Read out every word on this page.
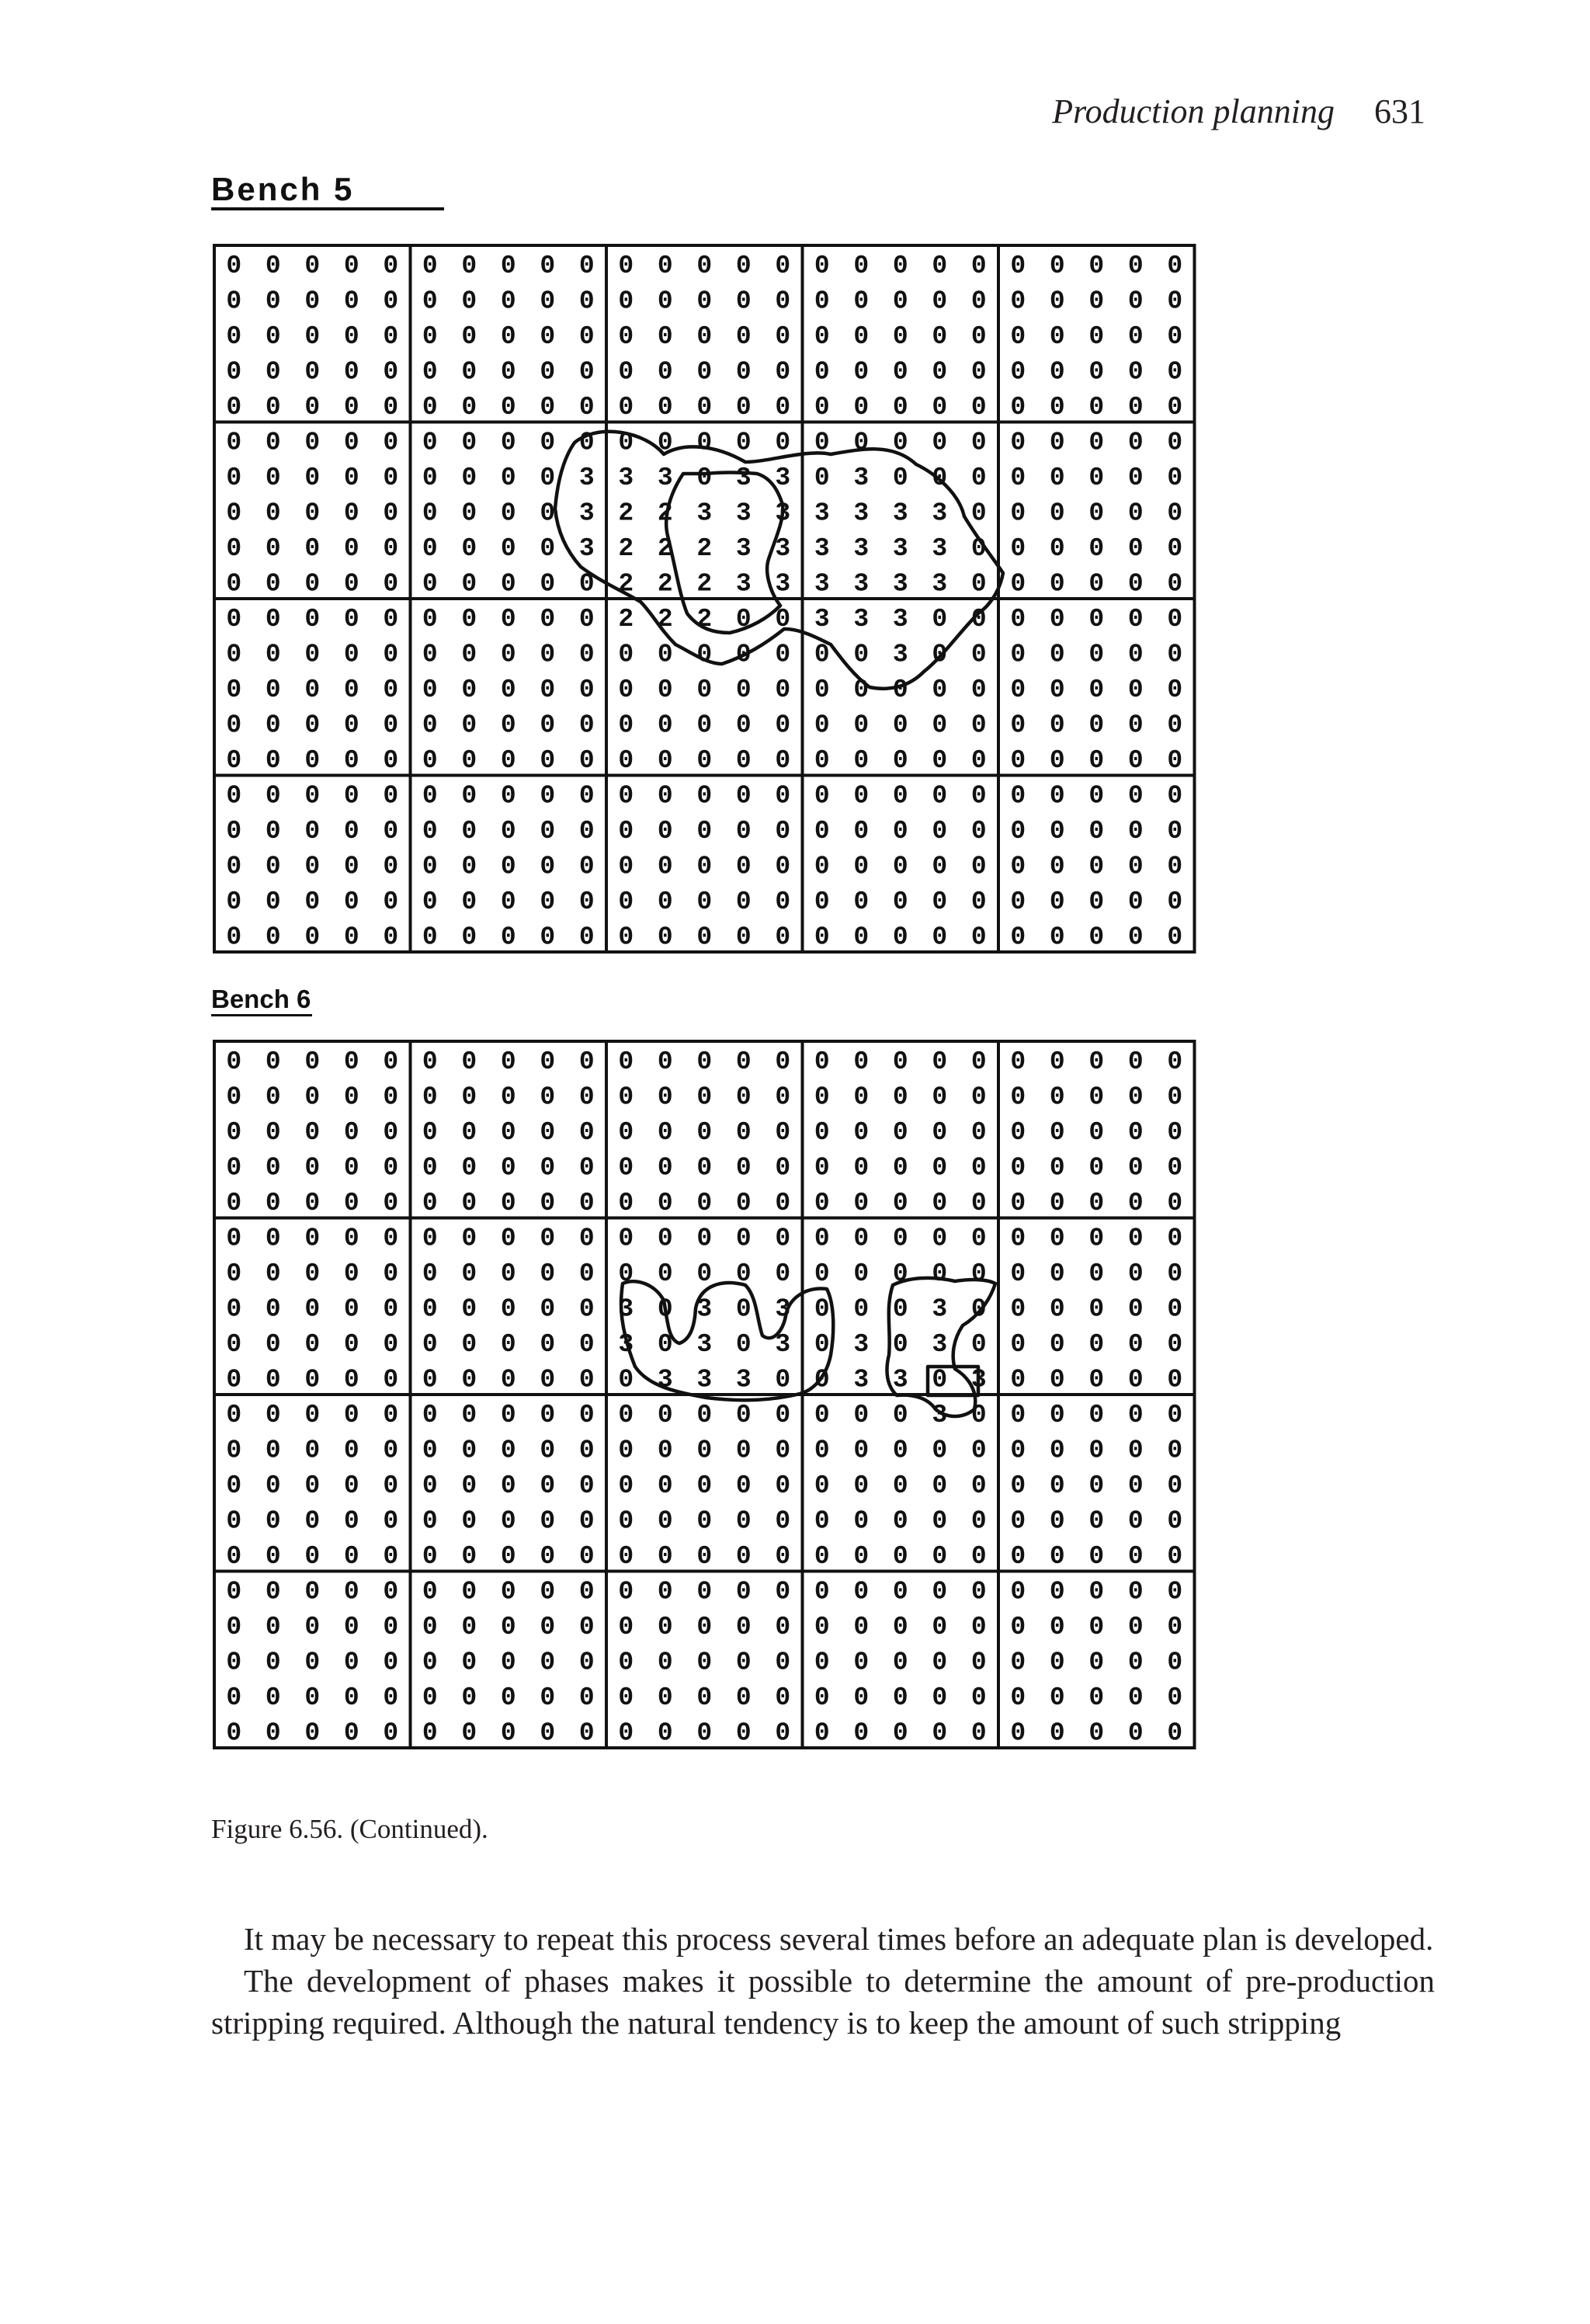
Production planning 631
Bench 5
0 0 0 0 0 0 0 0 0 0 0 0 0 0 0 0 0 0 0 0 0 0 0 0 0
0 0 0 0 0 0 0 0 0 0 0 0 0 0 0 0 0 0 0 0 0 0 0 0 0
0 0 0 0 0 0 0 0 0 0 0 0 0 0 0 0 0 0 0 0 0 0 0 0 0
0 0 0 0 0 0 0 0 0 0 0 0 0 0 0 0 0 0 0 0 0 0 0 0 0
0 0 0 0 0 0 0 0 0 0 0 0 0 0 0 0 0 0 0 0 0 0 0 0 0
0 0 0 0 0 0 0 0 0 0 0 0 0 0 0 0 0 0 0 0 0 0 0 0 0
0 0 0 0 0 0 0 0 0 3 3 3 0 3 3 0 3 0 0 0 0 0 0 0 0
0 0 0 0 0 0 0 0 0 3 2 2 3 3 3 3 3 3 3 0 0 0 0 0 0
0 0 0 0 0 0 0 0 0 3 2 2 2 3 3 3 3 3 3 0 0 0 0 0 0
0 0 0 0 0 0 0 0 0 0 2 2 2 3 3 3 3 3 3 0 0 0 0 0 0
0 0 0 0 0 0 0 0 0 0 2 2 2 0 0 3 3 3 0 0 0 0 0 0 0
0 0 0 0 0 0 0 0 0 0 0 0 0 0 0 0 0 3 0 0 0 0 0 0 0
0 0 0 0 0 0 0 0 0 0 0 0 0 0 0 0 0 0 0 0 0 0 0 0 0
0 0 0 0 0 0 0 0 0 0 0 0 0 0 0 0 0 0 0 0 0 0 0 0 0
0 0 0 0 0 0 0 0 0 0 0 0 0 0 0 0 0 0 0 0 0 0 0 0 0
0 0 0 0 0 0 0 0 0 0 0 0 0 0 0 0 0 0 0 0 0 0 0 0 0
0 0 0 0 0 0 0 0 0 0 0 0 0 0 0 0 0 0 0 0 0 0 0 0 0
0 0 0 0 0 0 0 0 0 0 0 0 0 0 0 0 0 0 0 0 0 0 0 0 0
0 0 0 0 0 0 0 0 0 0 0 0 0 0 0 0 0 0 0 0 0 0 0 0 0
0 0 0 0 0 0 0 0 0 0 0 0 0 0 0 0 0 0 0 0 0 0 0 0 0
Bench 6
0 0 0 0 0 0 0 0 0 0 0 0 0 0 0 0 0 0 0 0 0 0 0 0 0
0 0 0 0 0 0 0 0 0 0 0 0 0 0 0 0 0 0 0 0 0 0 0 0 0
0 0 0 0 0 0 0 0 0 0 0 0 0 0 0 0 0 0 0 0 0 0 0 0 0
0 0 0 0 0 0 0 0 0 0 0 0 0 0 0 0 0 0 0 0 0 0 0 0 0
0 0 0 0 0 0 0 0 0 0 0 0 0 0 0 0 0 0 0 0 0 0 0 0 0
0 0 0 0 0 0 0 0 0 0 0 0 0 0 0 0 0 0 0 0 0 0 0 0 0
0 0 0 0 0 0 0 0 0 0 0 0 0 0 0 0 0 0 0 0 0 0 0 0 0
0 0 0 0 0 0 0 0 0 0 3 0 3 0 3 0 0 0 3 0 0 0 0 0 0
0 0 0 0 0 0 0 0 0 0 3 0 3 0 3 0 3 0 3 0 0 0 0 0 0
0 0 0 0 0 0 0 0 0 0 0 3 3 3 0 0 3 3 0 3 0 0 0 0 0
0 0 0 0 0 0 0 0 0 0 0 0 0 0 0 0 0 0 3 0 0 0 0 0 0
0 0 0 0 0 0 0 0 0 0 0 0 0 0 0 0 0 0 0 0 0 0 0 0 0
0 0 0 0 0 0 0 0 0 0 0 0 0 0 0 0 0 0 0 0 0 0 0 0 0
0 0 0 0 0 0 0 0 0 0 0 0 0 0 0 0 0 0 0 0 0 0 0 0 0
0 0 0 0 0 0 0 0 0 0 0 0 0 0 0 0 0 0 0 0 0 0 0 0 0
0 0 0 0 0 0 0 0 0 0 0 0 0 0 0 0 0 0 0 0 0 0 0 0 0
0 0 0 0 0 0 0 0 0 0 0 0 0 0 0 0 0 0 0 0 0 0 0 0 0
0 0 0 0 0 0 0 0 0 0 0 0 0 0 0 0 0 0 0 0 0 0 0 0 0
0 0 0 0 0 0 0 0 0 0 0 0 0 0 0 0 0 0 0 0 0 0 0 0 0
0 0 0 0 0 0 0 0 0 0 0 0 0 0 0 0 0 0 0 0 0 0 0 0 0
Figure 6.56. (Continued).

It may be necessary to repeat this process several times before an adequate plan is developed.

The development of phases makes it possible to determine the amount of pre-production stripping required. Although the natural tendency is to keep the amount of such stripping
